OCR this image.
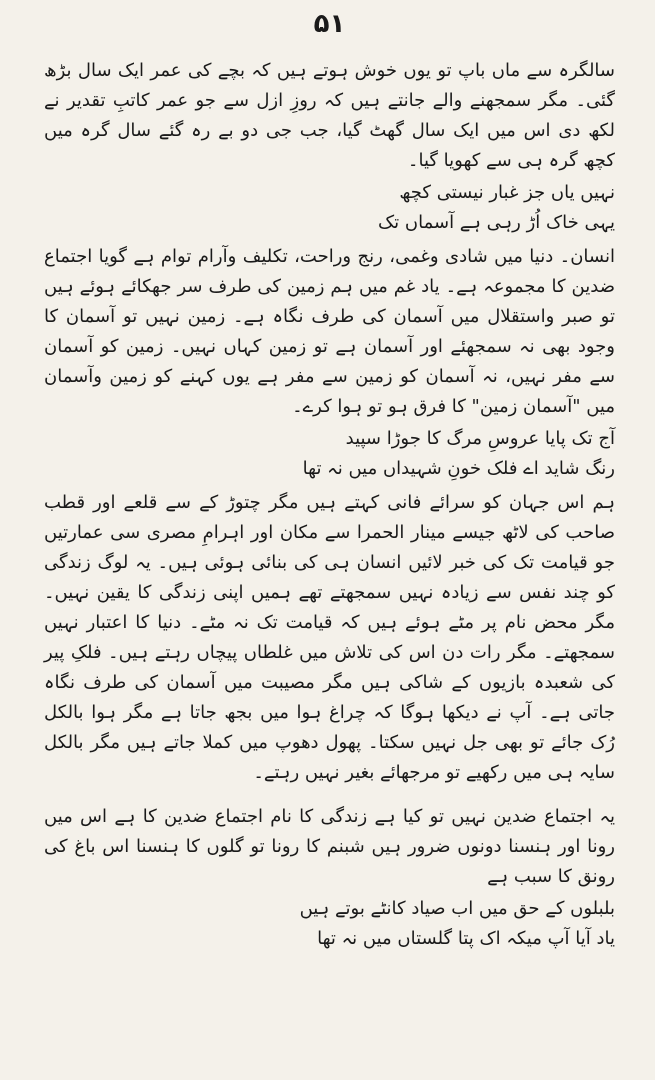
۵۱

سالگرہ سے ماں باپ تو یوں خوش ہوتے ہیں کہ بچے کی عمر ایک سال بڑھ گئی۔ مگر سمجھنے والے جانتے ہیں کہ روزِ ازل سے جو عمر کاتبِ تقدیر نے لکھ دی اس میں ایک سال گھٹ گیا، جب جی دو بے رہ گئے سال گرہ میں کچھ گرہ ہی سے کھویا گیا۔

نہیں یاں جز غبار نیستی کچھ
یہی خاک اُڑ رہی ہے آسماں تک

انسان۔ دنیا میں شادی وغمی، رنج وراحت، تکلیف وآرام توام ہے گویا اجتماع ضدین کا مجموعہ ہے۔ یاد غم میں ہم زمین کی طرف سر جھکائے ہوئے ہیں تو صبر واستقلال میں آسمان کی طرف نگاہ ہے۔ زمین نہیں تو آسمان کا وجود بھی نہ سمجھئے اور آسمان ہے تو زمین کہاں نہیں۔ زمین کو آسمان سے مفر نہیں، نہ آسمان کو زمین سے مفر ہے یوں کہنے کو زمین وآسمان میں "آسمان زمین" کا فرق ہو تو ہوا کرے۔

آج تک پایا عروسِ مرگ کا جوڑا سپید
رنگ شاید اے فلک خونِ شہیداں میں نہ تھا

ہم اس جہان کو سرائے فانی کہتے ہیں مگر چتوڑ کے سے قلعے اور قطب صاحب کی لاٹھ جیسے مینار الحمرا سے مکان اور اہرامِ مصری سی عمارتیں جو قیامت تک کی خبر لائیں انسان ہی کی بنائی ہوئی ہیں۔ یہ لوگ زندگی کو چند نفس سے زیادہ نہیں سمجھتے تھے ہمیں اپنی زندگی کا یقین نہیں۔ مگر محض نام پر مٹے ہوئے ہیں کہ قیامت تک نہ مٹے۔ دنیا کا اعتبار نہیں سمجھتے۔ مگر رات دن اس کی تلاش میں غلطاں پیچاں رہتے ہیں۔ فلکِ پیر کی شعبدہ بازیوں کے شاکی ہیں مگر مصیبت میں آسمان کی طرف نگاہ جاتی ہے۔ آپ نے دیکھا ہوگا کہ چراغ ہوا میں بجھ جاتا ہے مگر ہوا بالکل رُک جائے تو بھی جل نہیں سکتا۔ پھول دھوپ میں کملا جاتے ہیں مگر بالکل سایہ ہی میں رکھیے تو مرجھائے بغیر نہیں رہتے۔

یہ اجتماع ضدین نہیں تو کیا ہے زندگی کا نام اجتماع ضدین کا ہے اس میں رونا اور ہنسنا دونوں ضرور ہیں شبنم کا رونا تو گلوں کا ہنسنا اس باغ کی رونق کا سبب ہے

بلبلوں کے حق میں اب صیاد کانٹے بوتے ہیں
یاد آیا آپ میکہ اک پتا گلستاں میں نہ تھا
